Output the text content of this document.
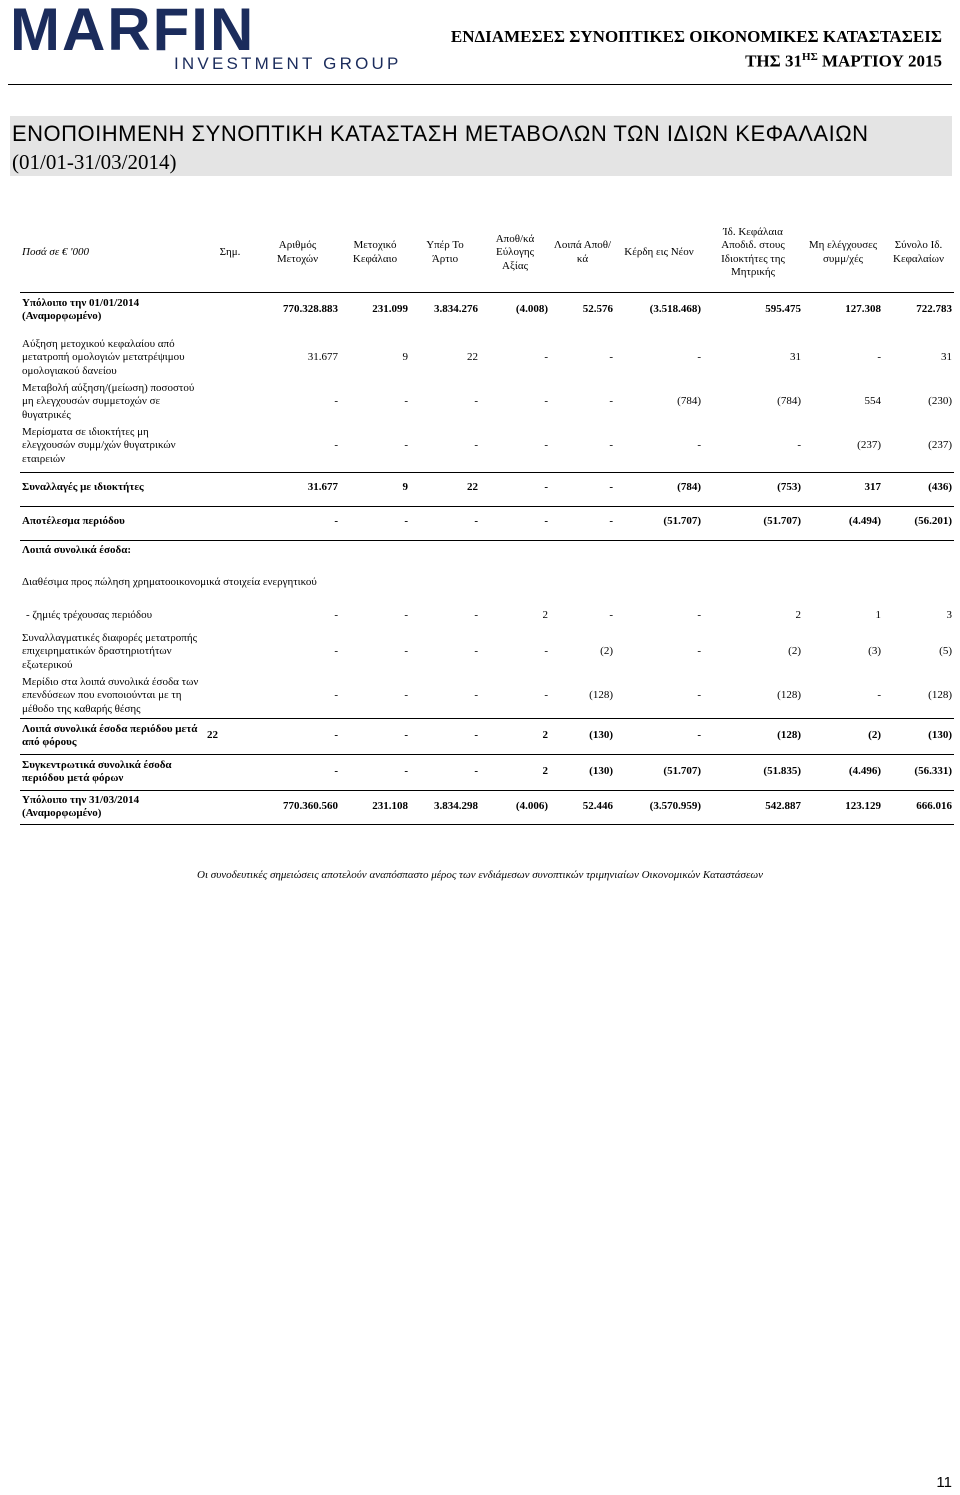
MARFIN
INVESTMENT GROUP
ΕΝΔΙΑΜΕΣΕΣ ΣΥΝΟΠΤΙΚΕΣ ΟΙΚΟΝΟΜΙΚΕΣ ΚΑΤΑΣΤΑΣΕΙΣ
ΤΗΣ $31^{H\Sigma}$ ΜΑΡΤΙΟΥ 2015
ΕΝΟΠΟΙΗΜΕΝΗ ΣΥΝΟΠΤΙΚΗ ΚΑΤΑΣΤΑΣΗ ΜΕΤΑΒΟΛΩΝ ΤΩΝ ΙΔΙΩΝ ΚΕΦΑΛΑΙΩΝ
(01/01-31/03/2014)
Ποσά σε € '000	Σημ.	Αριθμός Μετοχών	Μετοχικό Κεφάλαιο	Υπέρ Το Άρτιο	Αποθ/κά Εύλογης Αξίας	Λοιπά Αποθ/κά	Κέρδη εις Νέον	Ίδ. Κεφάλαια Αποδιδ. στους Ιδιοκτήτες της Μητρικής	Μη ελέγχουσες συμμ/χές	Σύνολο Ιδ. Κεφαλαίων

Υπόλοιπο την 01/01/2014 (Αναμορφωμένο)		770.328.883	231.099	3.834.276	(4.008)	52.576	(3.518.468)	595.475	127.308	722.783

Αύξηση μετοχικού κεφαλαίου από μετατροπή ομολογιών μετατρέψιμου ομολογιακού δανείου		31.677	9	22	-	-	-	31	-	31
Μεταβολή αύξηση/(μείωση) ποσοστού μη ελεγχουσών συμμετοχών σε θυγατρικές		-	-	-	-	-	(784)	(784)	554	(230)
Μερίσματα σε ιδιοκτήτες μη ελεγχουσών συμμ/χών θυγατρικών εταιρειών		-	-	-	-	-	-	-	(237)	(237)

Συναλλαγές με ιδιοκτήτες		31.677	9	22	-	-	(784)	(753)	317	(436)

Αποτέλεσμα περιόδου		-	-	-	-	-	(51.707)	(51.707)	(4.494)	(56.201)

Λοιπά συνολικά έσοδα:										
Διαθέσιμα προς πώληση χρηματοοικονομικά στοιχεία ενεργητικού										
- ζημιές τρέχουσας περιόδου		-	-	-	2	-	-	2	1	3

Συναλλαγματικές διαφορές μετατροπής επιχειρηματικών δραστηριοτήτων εξωτερικού		-	-	-	-	(2)	-	(2)	(3)	(5)
Μερίδιο στα λοιπά συνολικά έσοδα των επενδύσεων που ενοποιούνται με τη μέθοδο της καθαρής θέσης		-	-	-	-	(128)	-	(128)	-	(128)
Λοιπά συνολικά έσοδα περιόδου μετά από φόρους	22	-	-	-	2	(130)	-	(128)	(2)	(130)
Συγκεντρωτικά συνολικά έσοδα περιόδου μετά φόρων		-	-	-	2	(130)	(51.707)	(51.835)	(4.496)	(56.331)
Υπόλοιπο την 31/03/2014 (Αναμορφωμένο)		770.360.560	231.108	3.834.298	(4.006)	52.446	(3.570.959)	542.887	123.129	666.016
Οι συνοδευτικές σημειώσεις αποτελούν αναπόσπαστο μέρος των ενδιάμεσων συνοπτικών τριμηνιαίων Οικονομικών Καταστάσεων
11
